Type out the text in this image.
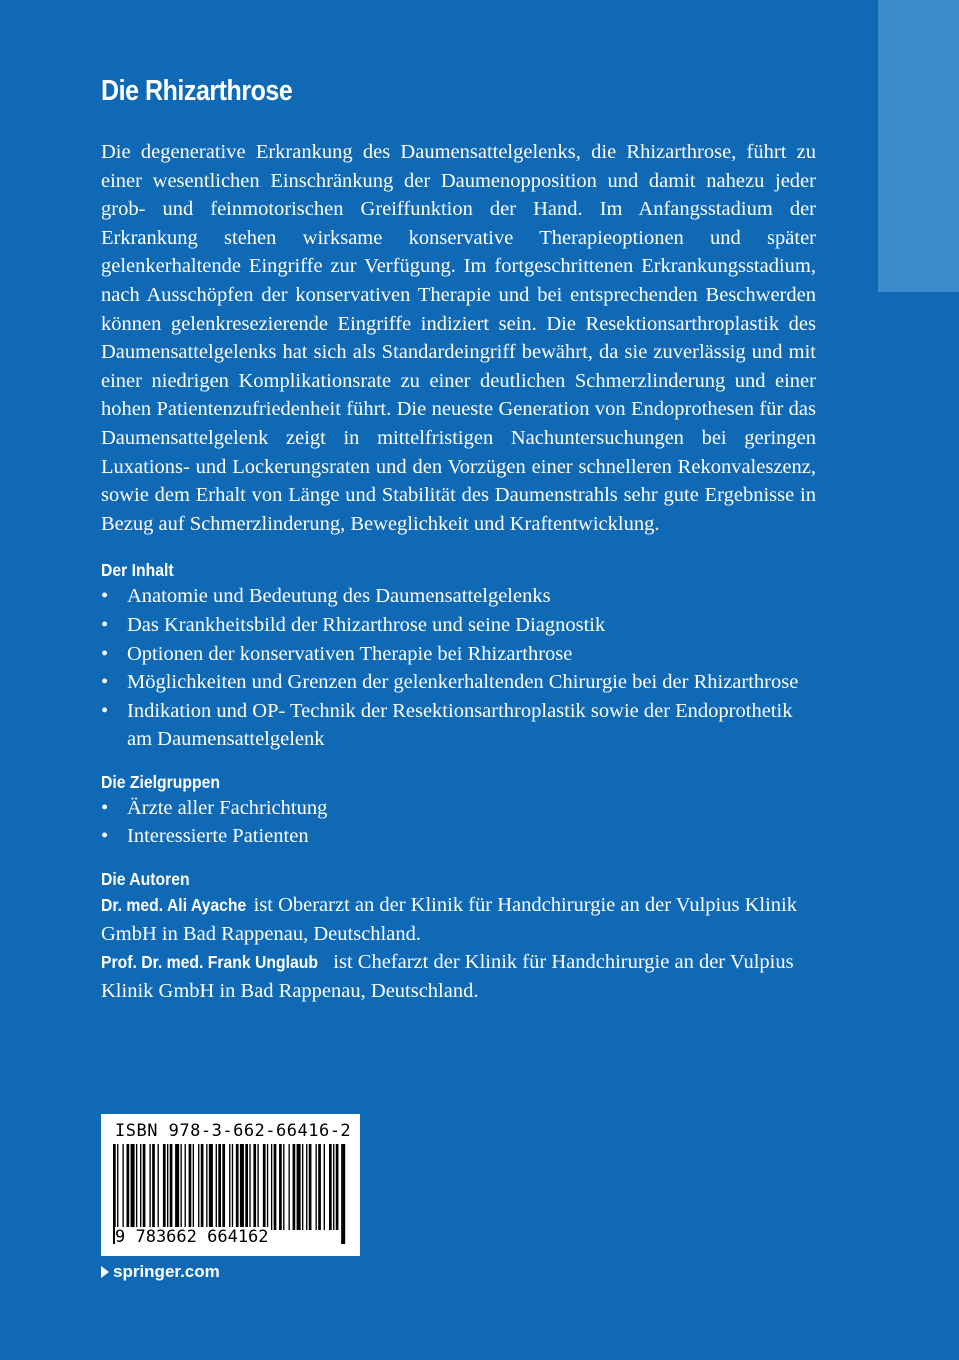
Die Rhizarthrose

Die degenerative Erkrankung des Daumensattelgelenks, die Rhizarthrose, führt zu einer wesentlichen Einschränkung der Daumenopposition und damit nahezu jeder grob- und feinmotorischen Greiffunktion der Hand. Im Anfangsstadium der Erkrankung stehen wirksame konservative Therapieoptionen und später gelenkerhaltende Eingriffe zur Verfügung. Im fortgeschrittenen Erkrankungsstadium, nach Ausschöpfen der konservativen Therapie und bei entsprechenden Beschwerden können gelenkresezierende Eingriffe indiziert sein. Die Resektionsarthroplastik des Daumensattelgelenks hat sich als Standardeingriff bewährt, da sie zuverlässig und mit einer niedrigen Komplikationsrate zu einer deutlichen Schmerzlinderung und einer hohen Patientenzufriedenheit führt. Die neueste Generation von Endoprothesen für das Daumensattelgelenk zeigt in mittelfristigen Nachuntersuchungen bei geringen Luxations- und Lockerungsraten und den Vorzügen einer schnelleren Rekonvaleszenz, sowie dem Erhalt von Länge und Stabilität des Daumenstrahls sehr gute Ergebnisse in Bezug auf Schmerzlinderung, Beweglichkeit und Kraftentwicklung.

Der Inhalt
• Anatomie und Bedeutung des Daumensattelgelenks
• Das Krankheitsbild der Rhizarthrose und seine Diagnostik
• Optionen der konservativen Therapie bei Rhizarthrose
• Möglichkeiten und Grenzen der gelenkerhaltenden Chirurgie bei der Rhizarthrose
• Indikation und OP- Technik der Resektionsarthroplastik sowie der Endoprothetik am Daumensattelgelenk
Die Zielgruppen
• Ärzte aller Fachrichtung
• Interessierte Patienten
Die Autoren
Dr. med. Ali Ayache ist Oberarzt an der Klinik für Handchirurgie an der Vulpius Klinik GmbH in Bad Rappenau, Deutschland.
Prof. Dr. med. Frank Unglaub ist Chefarzt der Klinik für Handchirurgie an der Vulpius Klinik GmbH in Bad Rappenau, Deutschland.
ISBN 978-3-662-66416-2
9 783662 664162
springer.com
